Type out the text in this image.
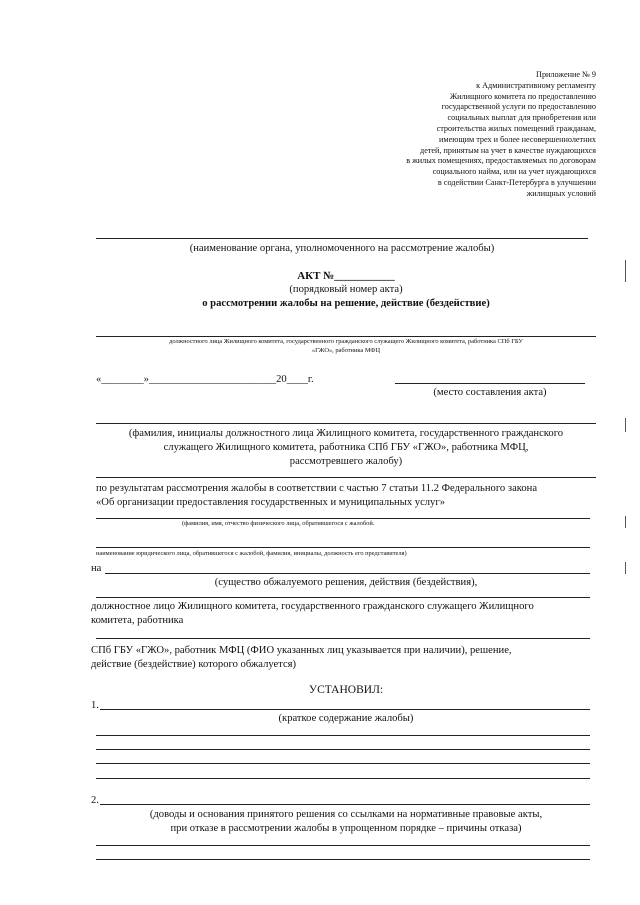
Приложение № 9
к Административному регламенту
Жилищного комитета по предоставлению
государственной услуги по предоставлению
социальных выплат для приобретения или
строительства жилых помещений гражданам,
имеющим трех и более несовершеннолетних
детей, принятым на учет в качестве нуждающихся
в жилых помещениях, предоставляемых по договорам
социального найма, или на учет нуждающихся
в содействии Санкт-Петербурга в улучшении
жилищных условий
(наименование органа, уполномоченного на рассмотрение жалобы)
АКТ №___________
(порядковый номер акта)
о рассмотрении жалобы на решение, действие (бездействие)
должностного лица Жилищного комитета, государственного гражданского служащего Жилищного комитета, работника СПб ГБУ
«ГЖО», работника МФЦ
«________»________________________20____г.
(место составления акта)
(фамилия, инициалы должностного лица Жилищного комитета, государственного гражданского
служащего Жилищного комитета, работника СПб ГБУ «ГЖО», работника МФЦ,
рассмотревшего жалобу)
по результатам рассмотрения жалобы в соответствии с частью 7 статьи 11.2 Федерального закона
«Об организации предоставления государственных и муниципальных услуг»
(фамилия, имя, отчество физического лица, обратившегося с жалобой.
наименование юридического лица, обратившегося с жалобой, фамилия, инициалы, должность его представителя)
на
(существо обжалуемого решения, действия (бездействия),
должностное лицо Жилищного комитета, государственного гражданского служащего Жилищного
комитета, работника
СПб ГБУ «ГЖО», работник МФЦ (ФИО указанных лиц указывается при наличии), решение,
действие (бездействие) которого обжалуется)
УСТАНОВИЛ:
1.
(краткое содержание жалобы)
2.
(доводы и основания принятого решения со ссылками на нормативные правовые акты,
при отказе в рассмотрении жалобы в упрощенном порядке – причины отказа)
